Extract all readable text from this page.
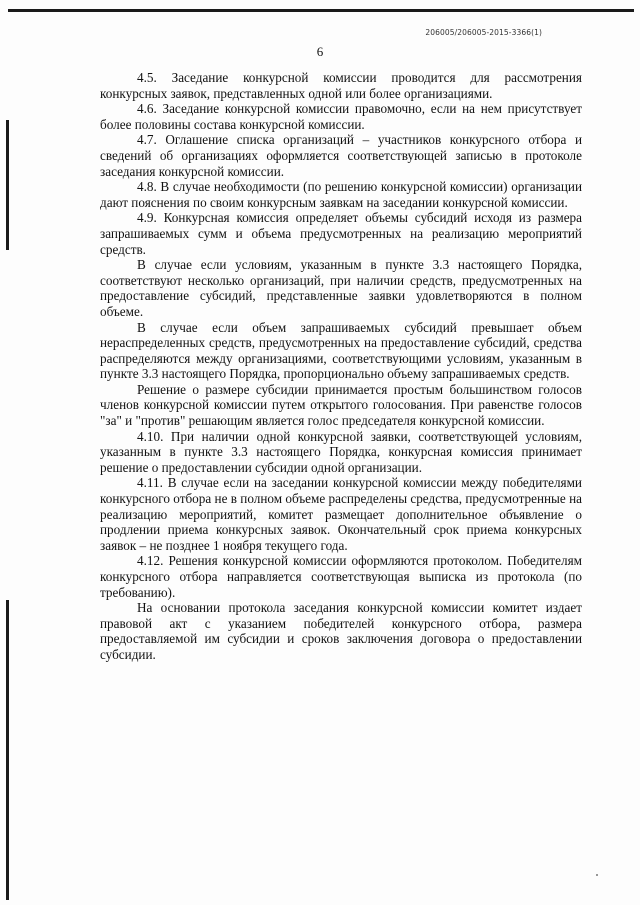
206005/206005-2015-3366(1)
6

4.5. Заседание конкурсной комиссии проводится для рассмотрения конкурсных заявок, представленных одной или более организациями.

4.6. Заседание конкурсной комиссии правомочно, если на нем присутствует более половины состава конкурсной комиссии.

4.7. Оглашение списка организаций – участников конкурсного отбора и сведений об организациях оформляется соответствующей записью в протоколе заседания конкурсной комиссии.

4.8. В случае необходимости (по решению конкурсной комиссии) организации дают пояснения по своим конкурсным заявкам на заседании конкурсной комиссии.

4.9. Конкурсная комиссия определяет объемы субсидий исходя из размера запрашиваемых сумм и объема предусмотренных на реализацию мероприятий средств.

В случае если условиям, указанным в пункте 3.3 настоящего Порядка, соответствуют несколько организаций, при наличии средств, предусмотренных на предоставление субсидий, представленные заявки удовлетворяются в полном объеме.

В случае если объем запрашиваемых субсидий превышает объем нераспределенных средств, предусмотренных на предоставление субсидий, средства распределяются между организациями, соответствующими условиям, указанным в пункте 3.3 настоящего Порядка, пропорционально объему запрашиваемых средств.

Решение о размере субсидии принимается простым большинством голосов членов конкурсной комиссии путем открытого голосования. При равенстве голосов "за" и "против" решающим является голос председателя конкурсной комиссии.

4.10. При наличии одной конкурсной заявки, соответствующей условиям, указанным в пункте 3.3 настоящего Порядка, конкурсная комиссия принимает решение о предоставлении субсидии одной организации.

4.11. В случае если на заседании конкурсной комиссии между победителями конкурсного отбора не в полном объеме распределены средства, предусмотренные на реализацию мероприятий, комитет размещает дополнительное объявление о продлении приема конкурсных заявок. Окончательный срок приема конкурсных заявок – не позднее 1 ноября текущего года.

4.12. Решения конкурсной комиссии оформляются протоколом. Победителям конкурсного отбора направляется соответствующая выписка из протокола (по требованию).

На основании протокола заседания конкурсной комиссии комитет издает правовой акт с указанием победителей конкурсного отбора, размера предоставляемой им субсидии и сроков заключения договора о предоставлении субсидии.
